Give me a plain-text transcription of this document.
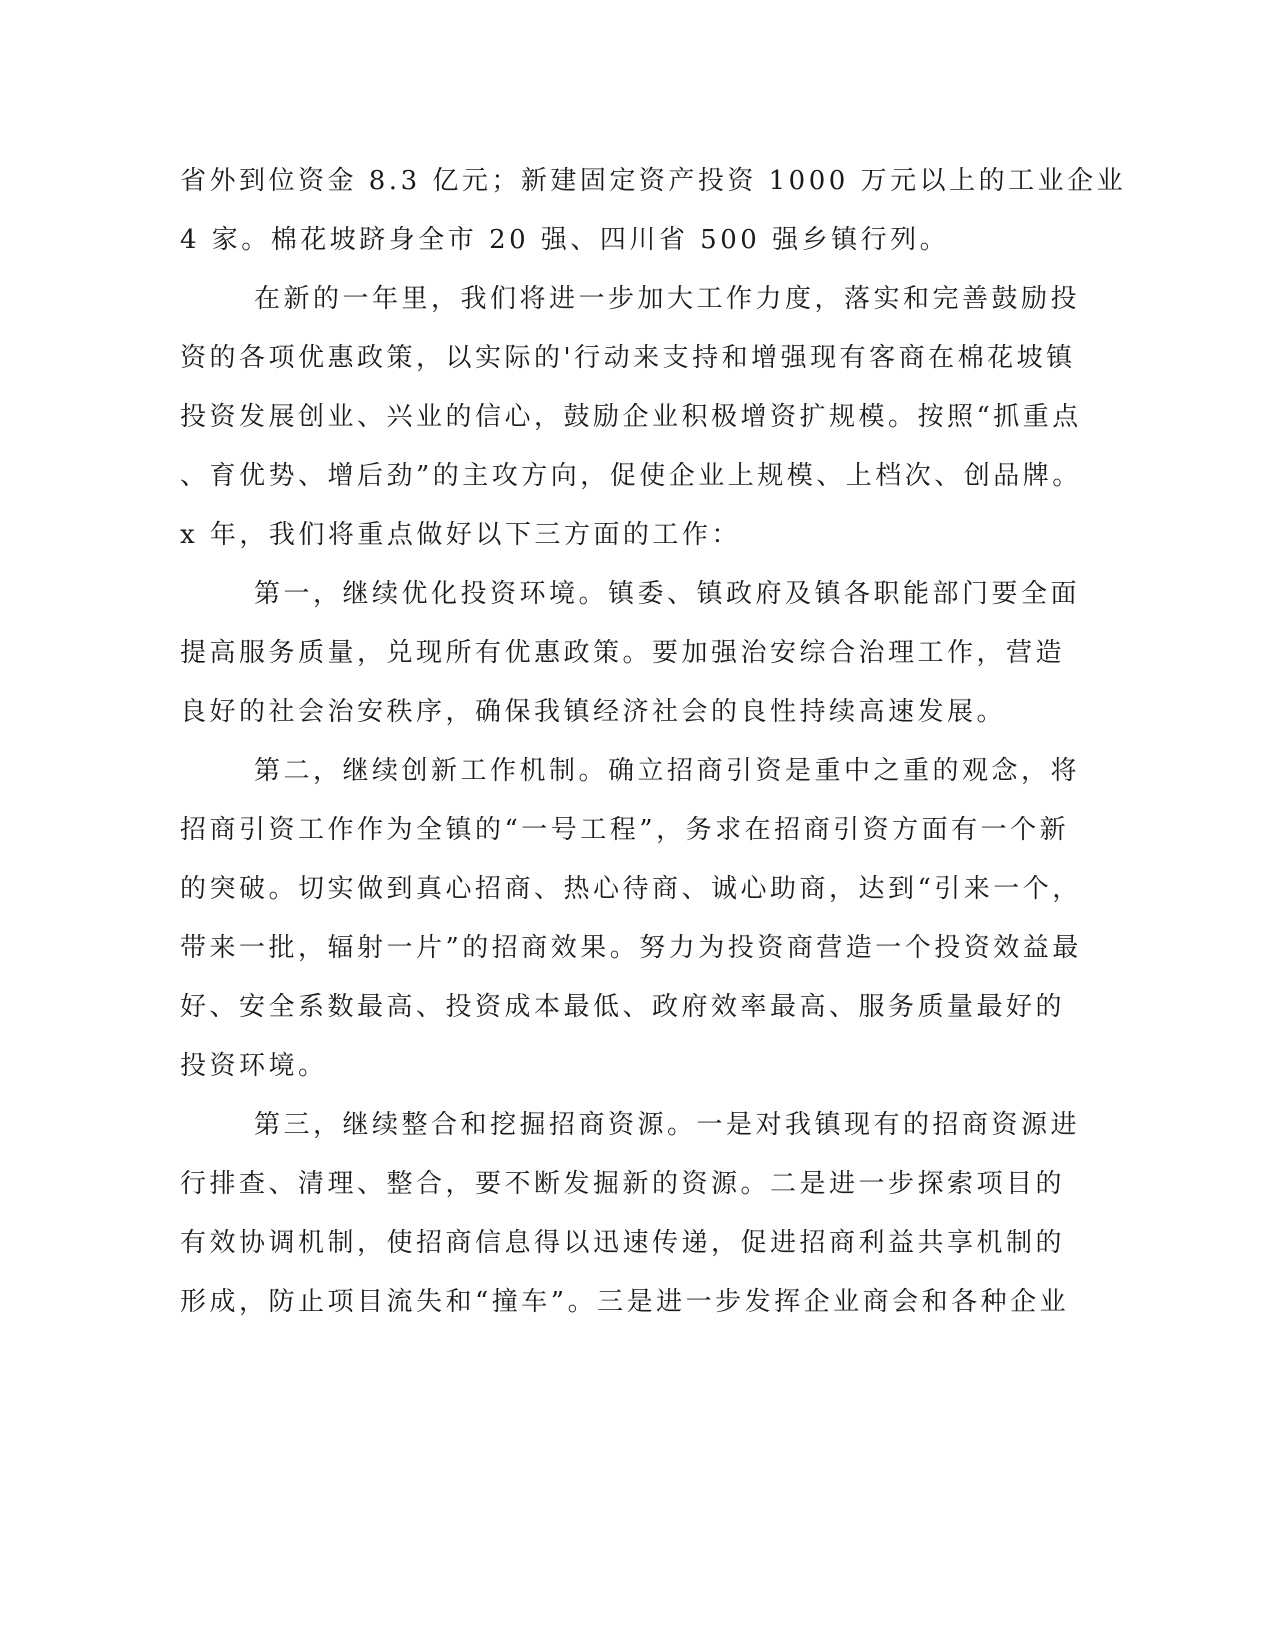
省外到位资金 8.3 亿元；新建固定资产投资 1000 万元以上的工业企业
4 家。棉花坡跻身全市 20 强、四川省 500 强乡镇行列。
在新的一年里，我们将进一步加大工作力度，落实和完善鼓励投
资的各项优惠政策，以实际的'行动来支持和增强现有客商在棉花坡镇
投资发展创业、兴业的信心，鼓励企业积极增资扩规模。按照“抓重点
、育优势、增后劲”的主攻方向，促使企业上规模、上档次、创品牌。
x 年，我们将重点做好以下三方面的工作：
第一，继续优化投资环境。镇委、镇政府及镇各职能部门要全面
提高服务质量，兑现所有优惠政策。要加强治安综合治理工作，营造
良好的社会治安秩序，确保我镇经济社会的良性持续高速发展。
第二，继续创新工作机制。确立招商引资是重中之重的观念，将
招商引资工作作为全镇的“一号工程”，务求在招商引资方面有一个新
的突破。切实做到真心招商、热心待商、诚心助商，达到“引来一个，
带来一批，辐射一片”的招商效果。努力为投资商营造一个投资效益最
好、安全系数最高、投资成本最低、政府效率最高、服务质量最好的
投资环境。
第三，继续整合和挖掘招商资源。一是对我镇现有的招商资源进
行排查、清理、整合，要不断发掘新的资源。二是进一步探索项目的
有效协调机制，使招商信息得以迅速传递，促进招商利益共享机制的
形成，防止项目流失和“撞车”。三是进一步发挥企业商会和各种企业
